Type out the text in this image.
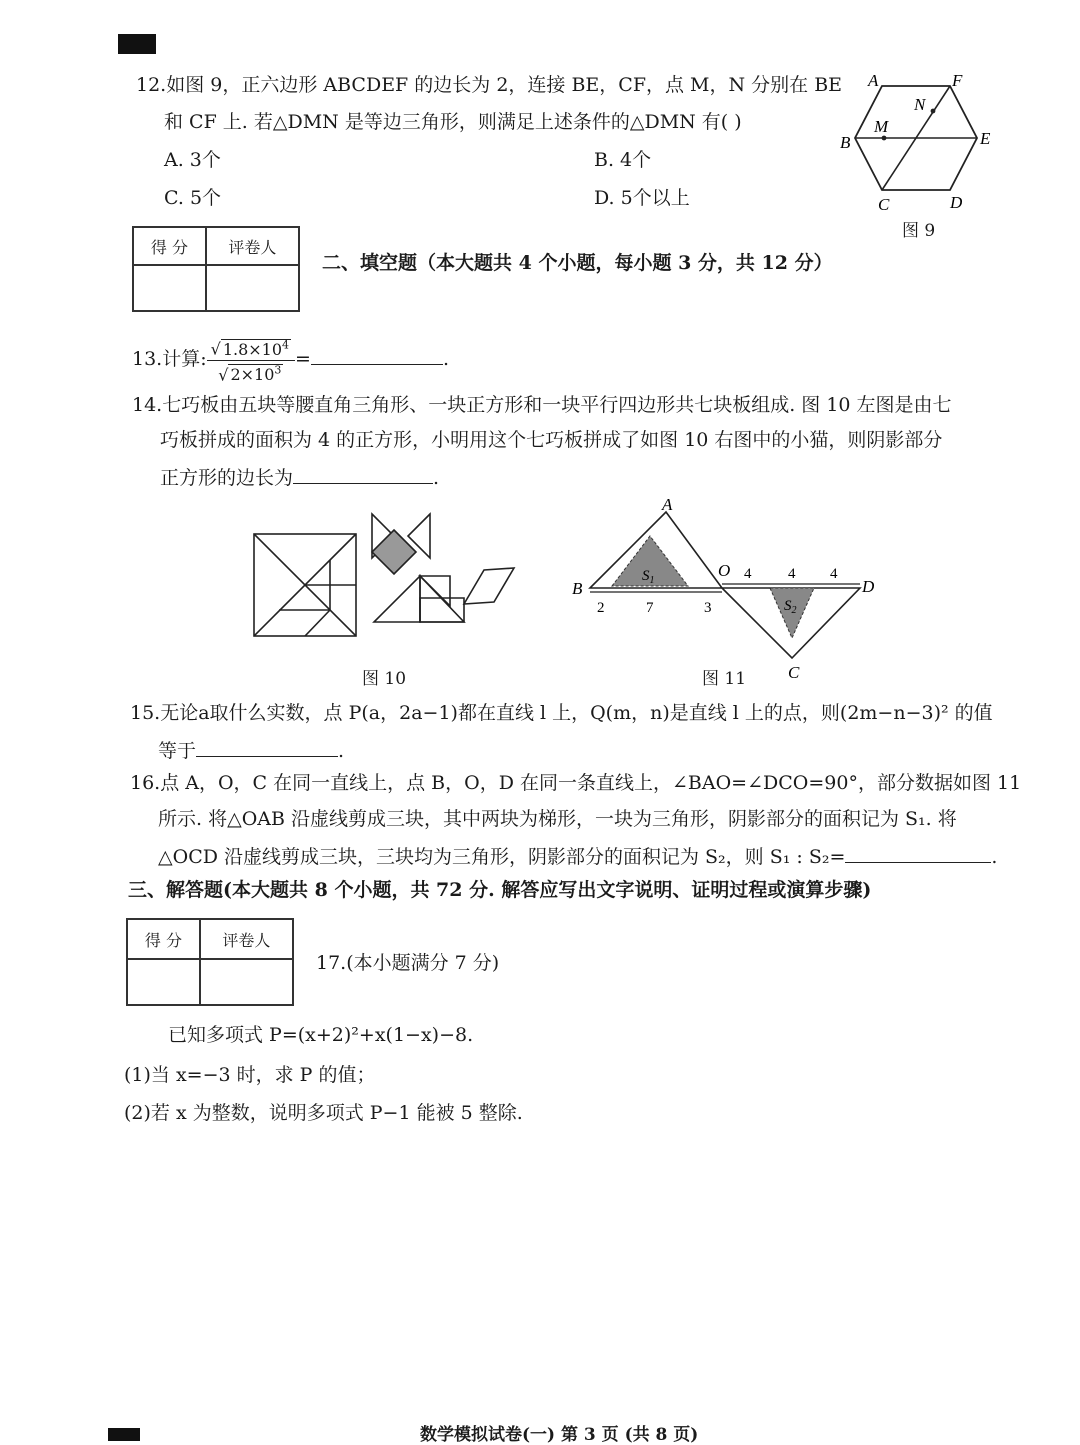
12.如图 9，正六边形 ABCDEF 的边长为 2，连接 BE，CF，点 M，N 分别在 BE
和 CF 上. 若△DMN 是等边三角形，则满足上述条件的△DMN 有( )
A. 3个	B. 4个
C. 5个	D. 5个以上
A	F
N
M
B	E
C	D
图 9
得 分	评卷人

二、填空题（本大题共 4 个小题，每小题 3 分，共 12 分）
13.计算: $\frac{√ 1.8\times 10^4}{√ 2\times 10^3}$ =	.
14.七巧板由五块等腰直角三角形、一块正方形和一块平行四边形共七块板组成. 图 10 左图是由七
巧板拼成的面积为 4 的正方形，小明用这个七巧板拼成了如图 10 右图中的小猫，则阴影部分
正方形的边长为	.
图 10
A
B
O
D
C
$S_1$
$S_2$
2	7	3
4 4 4
图 11
15.无论a取什么实数，点 P(a，2a−1)都在直线 l 上，Q(m，n)是直线 l 上的点，则(2m−n−3)² 的值
等于	.
16.点 A，O，C 在同一直线上，点 B，O，D 在同一条直线上，∠BAO=∠DCO=90°，部分数据如图 11
所示. 将△OAB 沿虚线剪成三块，其中两块为梯形，一块为三角形，阴影部分的面积记为 S₁. 将
△OCD 沿虚线剪成三块，三块均为三角形，阴影部分的面积记为 S₂，则 S₁ : S₂=	.
三、解答题(本大题共 8 个小题，共 72 分. 解答应写出文字说明、证明过程或演算步骤)
得 分	评卷人

17.(本小题满分 7 分)
已知多项式 P=(x+2)²+x(1−x)−8.
(1)当 x=−3 时，求 P 的值；
(2)若 x 为整数，说明多项式 P−1 能被 5 整除.
数学模拟试卷(一) 第 3 页 (共 8 页)
